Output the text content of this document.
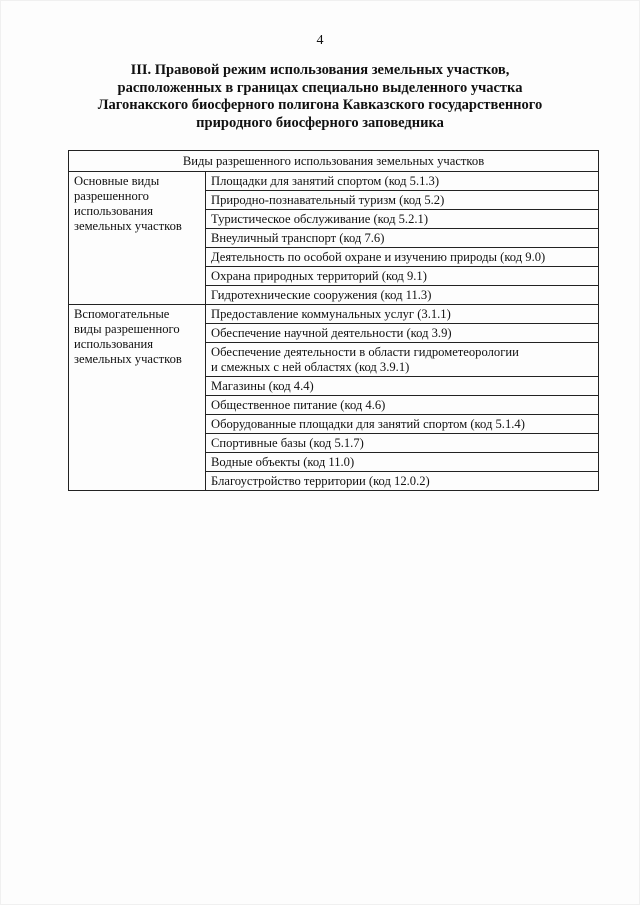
4
III. Правовой режим использования земельных участков,
расположенных в границах специально выделенного участка
Лагонакского биосферного полигона Кавказского государственного
природного биосферного заповедника
Виды разрешенного использования земельных участков	

Основные виды
разрешенного
использования
земельных участков	Площадки для занятий спортом (код 5.1.3)
	Природно-познавательный туризм (код 5.2)
	Туристическое обслуживание (код 5.2.1)
	Внеуличный транспорт (код 7.6)
	Деятельность по особой охране и изучению природы (код 9.0)
	Охрана природных территорий (код 9.1)
	Гидротехнические сооружения (код 11.3)

Вспомогательные
виды разрешенного
использования
земельных участков	Предоставление коммунальных услуг (3.1.1)
	Обеспечение научной деятельности (код 3.9)

	Обеспечение деятельности в области гидрометеорологии
и смежных с ней областях (код 3.9.1)

	Магазины (код 4.4)
	Общественное питание (код 4.6)
	Оборудованные площадки для занятий спортом (код 5.1.4)
	Спортивные базы (код 5.1.7)
	Водные объекты (код 11.0)
	Благоустройство территории (код 12.0.2)
